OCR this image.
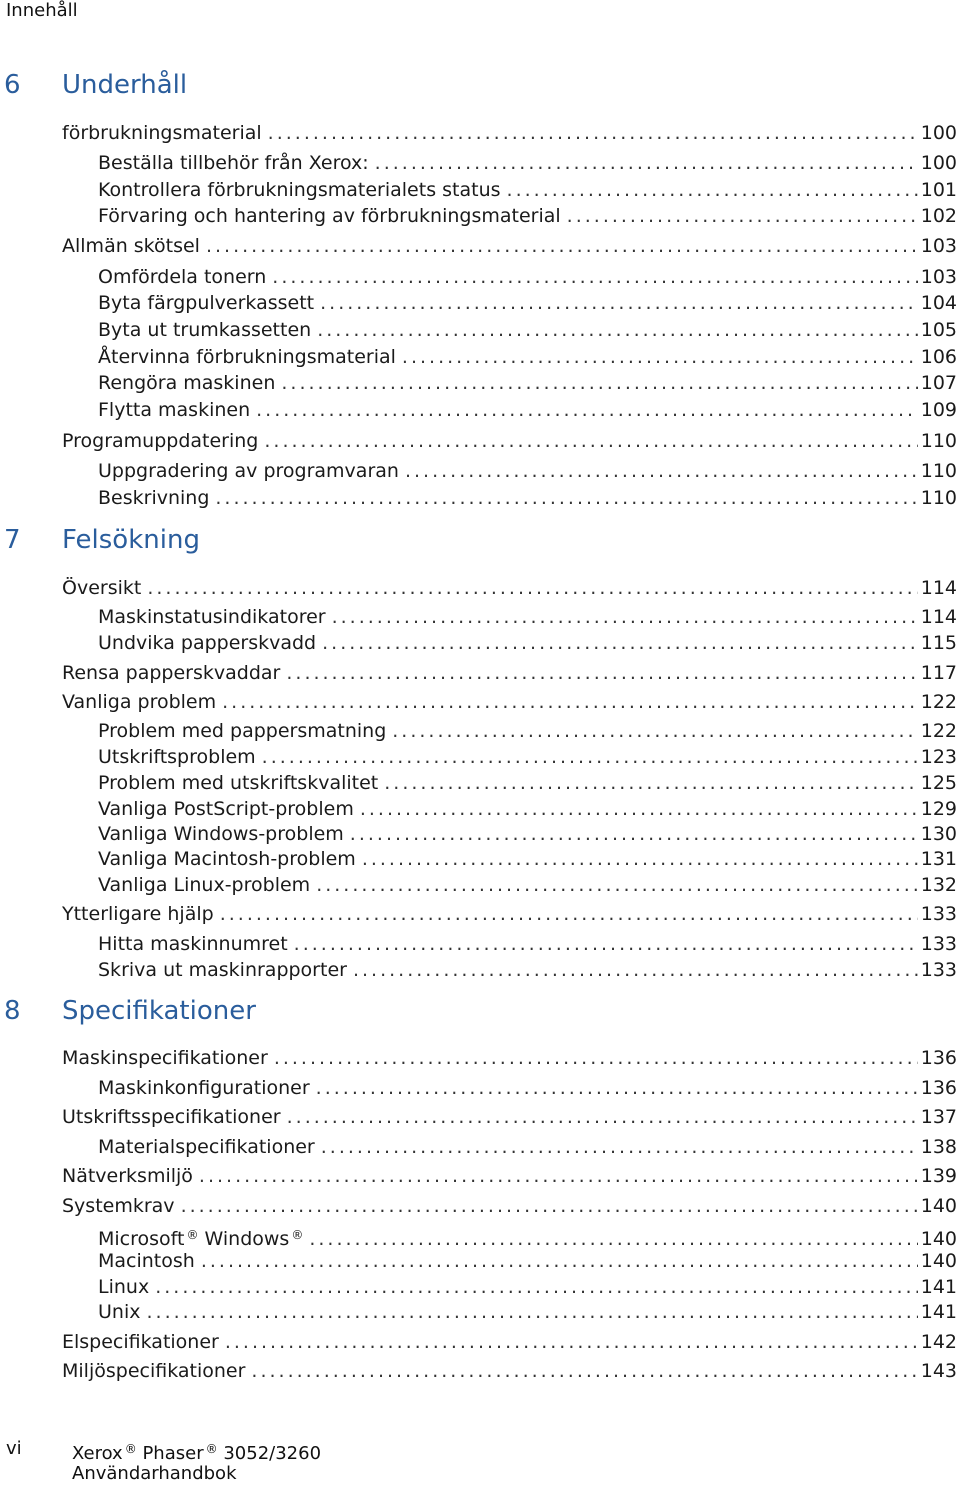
Innehåll
6 Underhåll
förbrukningsmaterial .....	100
Beställa tillbehör från Xerox: .....	100
Kontrollera förbrukningsmaterialets status .....	101
Förvaring och hantering av förbrukningsmaterial .....	102
Allmän skötsel .....	103
Omfördela tonern .....	103
Byta färgpulverkassett .....	104
Byta ut trumkassetten .....	105
Återvinna förbrukningsmaterial .....	106
Rengöra maskinen .....	107
Flytta maskinen .....	109
Programuppdatering .....	110
Uppgradering av programvaran .....	110
Beskrivning .....	110
7 Felsökning
Översikt .....	114
Maskinstatusindikatorer .....	114
Undvika papperskvadd .....	115
Rensa papperskvaddar .....	117
Vanliga problem .....	122
Problem med pappersmatning .....	122
Utskriftsproblem .....	123
Problem med utskriftskvalitet .....	125
Vanliga PostScript-problem .....	129
Vanliga Windows-problem .....	130
Vanliga Macintosh-problem .....	131
Vanliga Linux-problem .....	132
Ytterligare hjälp .....	133
Hitta maskinnumret .....	133
Skriva ut maskinrapporter .....	133
8 Specifikationer
Maskinspecifikationer .....	136
Maskinkonfigurationer .....	136
Utskriftsspecifikationer .....	137
Materialspecifikationer .....	138
Nätverksmiljö .....	139
Systemkrav .....	140
Microsoft ® Windows ® .....	140
Macintosh .....	140
Linux .....	141
Unix .....	141
Elspecifikationer .....	142
Miljöspecifikationer .....	143
vi	Xerox ® Phaser ® 3052/3260
Användarhandbok
